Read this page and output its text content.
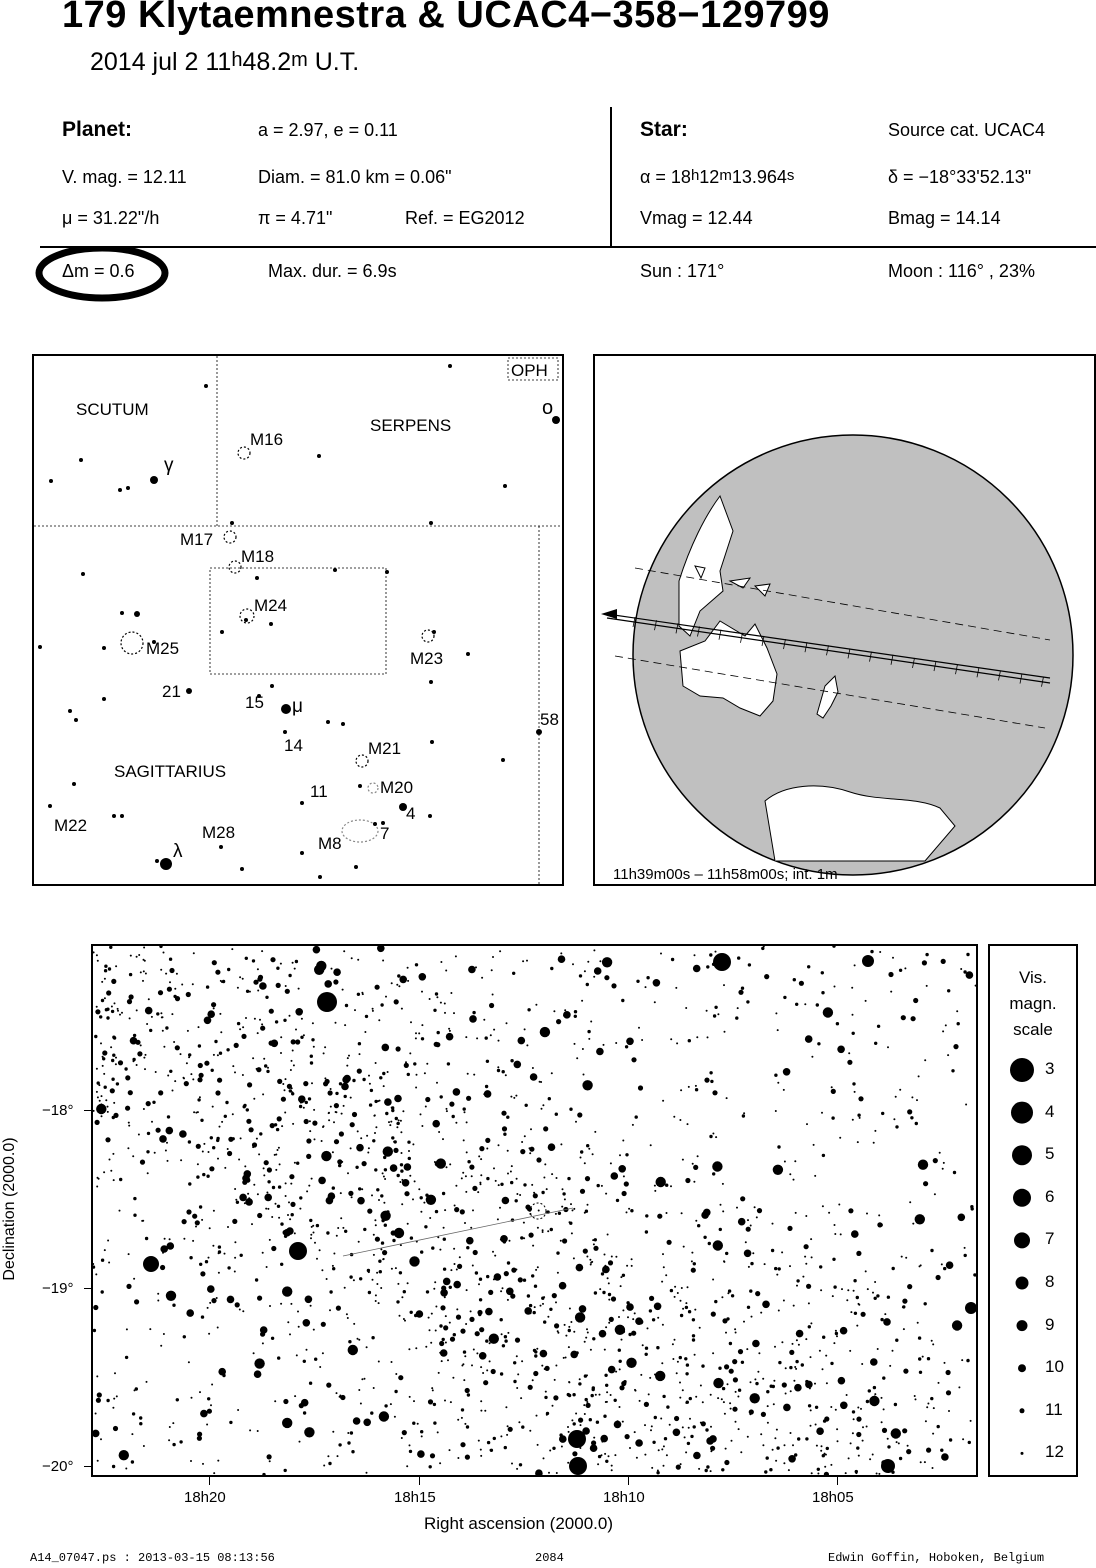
179 Klytaemnestra & UCAC4−358−129799
2014 jul 2 11$^h$48.2$^m$ U.T.
Planet:	a = 2.97, e = 0.11
V. mag. = 12.11	Diam. = 81.0 km = 0.06"
μ = 31.22"/h	π = 4.71"	Ref. = EG2012
Star:	Source cat. UCAC4
$\alpha = 18^h12^m13.964^s$	δ = −18°33'52.13"
Vmag = 12.44	Bmag = 14.14
Δm = 0.6	Max. dur. = 6.9s	Sun : 171°	Moon : 116° , 23%
SCUTUM
SERPENS
OPH
SAGITTARIUS
M16
M17
M18
M24
M25
M23
M21
M20
M8
M22	M28
γ
o
μ
λ
21
15
14
11
58
4
7
11h39m00s – 11h58m00s; int. 1m
−18°
−19°
−20°
Declination (2000.0)
18h20	18h15	18h10	18h05
Right ascension (2000.0)
Vis.
magn.
scale
3
4
5
6
7
8
9
10
11
12
A14_07047.ps : 2013-03-15 08:13:56	2084	Edwin Goffin, Hoboken, Belgium
